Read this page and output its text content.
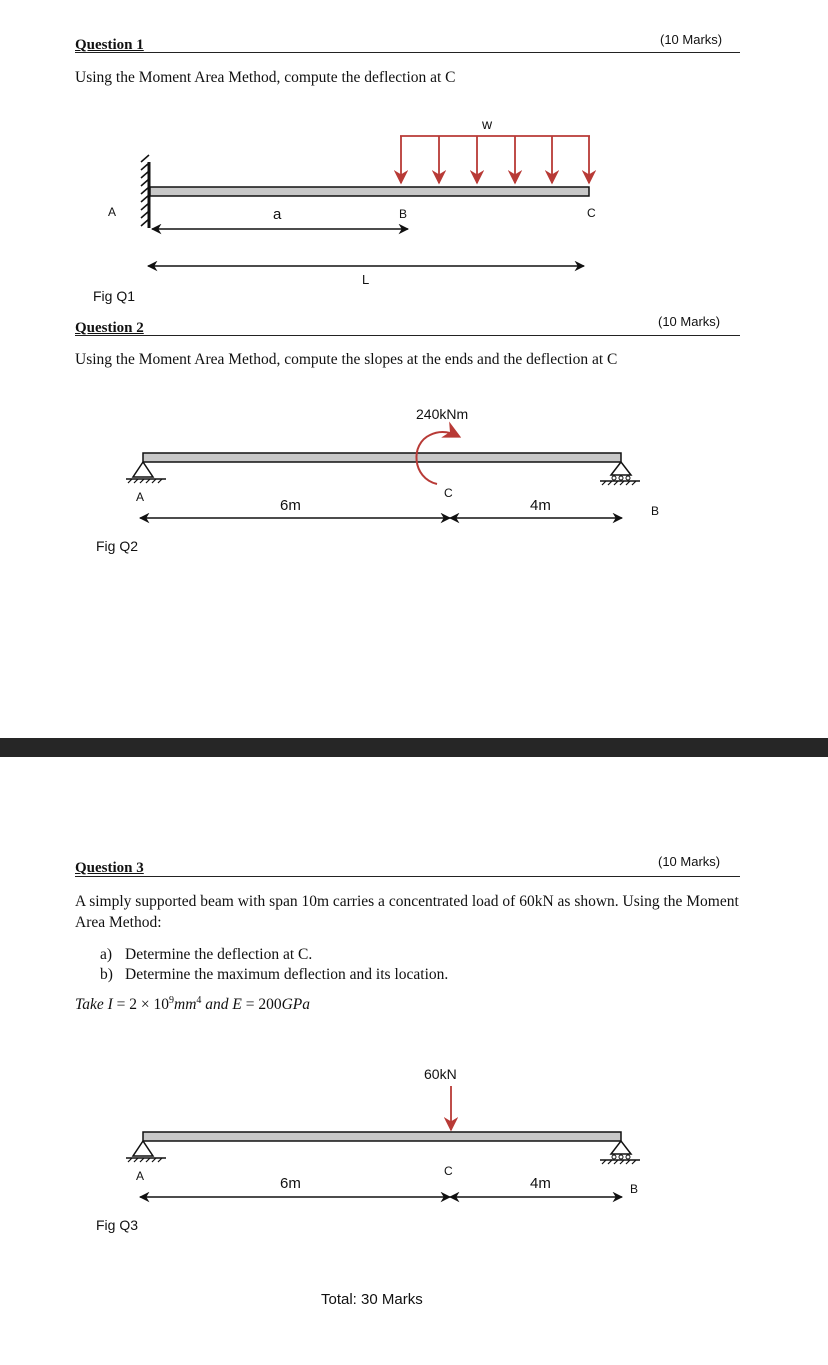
Question 1	(10 Marks)
Using the Moment Area Method, compute the deflection at C
w
A	a	B	C
L
Fig Q1
Question 2	(10 Marks)
Using the Moment Area Method, compute the slopes at the ends and the deflection at C
240kNm
A	C
B
6m	4m
Fig Q2
Question 3	(10 Marks)
A simply supported beam with span 10m carries a concentrated load of 60kN as shown. Using the Moment Area Method:
a) Determine the deflection at C.
b) Determine the maximum deflection and its location.
Take $I = 2 \times 10^9mm^4$ and E = 200GPa
60kN
A	C
B
6m	4m
Fig Q3
Total: 30 Marks
